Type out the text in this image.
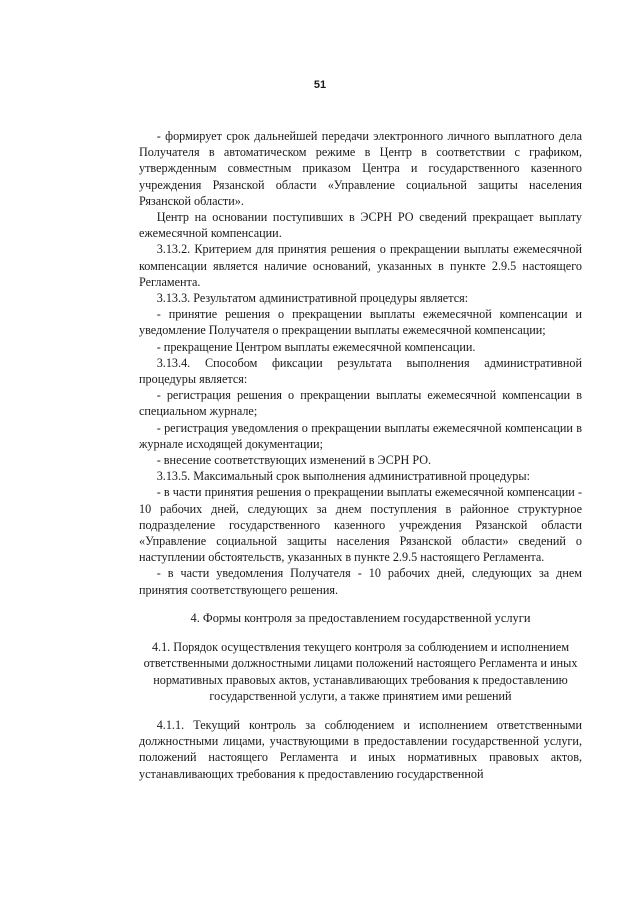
51

- формирует срок дальнейшей передачи электронного личного выплатного дела Получателя в автоматическом режиме в Центр в соответствии с графиком, утвержденным совместным приказом Центра и государственного казенного учреждения Рязанской области «Управление социальной защиты населения Рязанской области».

Центр на основании поступивших в ЭСРН РО сведений прекращает выплату ежемесячной компенсации.

3.13.2. Критерием для принятия решения о прекращении выплаты ежемесячной компенсации является наличие оснований, указанных в пункте 2.9.5 настоящего Регламента.

3.13.3. Результатом административной процедуры является:

- принятие решения о прекращении выплаты ежемесячной компенсации и уведомление Получателя о прекращении выплаты ежемесячной компенсации;

- прекращение Центром выплаты ежемесячной компенсации.

3.13.4. Способом фиксации результата выполнения административной процедуры является:

- регистрация решения о прекращении выплаты ежемесячной компенсации в специальном журнале;

- регистрация уведомления о прекращении выплаты ежемесячной компенсации в журнале исходящей документации;

- внесение соответствующих изменений в ЭСРН РО.

3.13.5. Максимальный срок выполнения административной процедуры:

- в части принятия решения о прекращении выплаты ежемесячной компенсации - 10 рабочих дней, следующих за днем поступления в районное структурное подразделение государственного казенного учреждения Рязанской области «Управление социальной защиты населения Рязанской области» сведений о наступлении обстоятельств, указанных в пункте 2.9.5 настоящего Регламента.

- в части уведомления Получателя - 10 рабочих дней, следующих за днем принятия соответствующего решения.

4. Формы контроля за предоставлением государственной услуги

4.1. Порядок осуществления текущего контроля за соблюдением и исполнением ответственными должностными лицами положений настоящего Регламента и иных нормативных правовых актов, устанавливающих требования к предоставлению государственной услуги, а также принятием ими решений

4.1.1. Текущий контроль за соблюдением и исполнением ответственными должностными лицами, участвующими в предоставлении государственной услуги, положений настоящего Регламента и иных нормативных правовых актов, устанавливающих требования к предоставлению государственной
